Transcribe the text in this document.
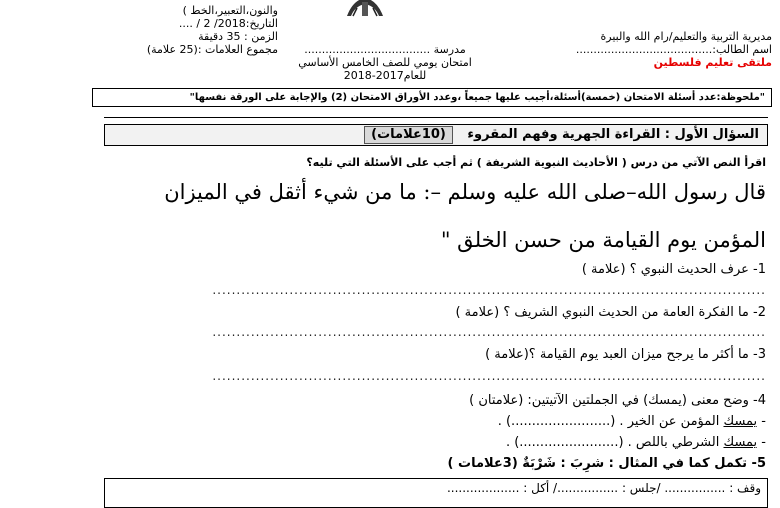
مديرية التربية والتعليم/رام الله والبيرة
اسم الطالب:.......................................
ملتقى تعليم فلسطين
مدرسة ....................................
امتحان يومي للصف الخامس الأساسي
للعام2017-2018
والنون،التعبير،الخط )
التاريخ:2018/ 2 / ....
الزمن : 35 دقيقة
مجموع العلامات :(25 علامة)
"ملحوظة:عدد أسئلة الامتحان (خمسة)أسئلة،أجيب عليها جميعاً ،وعدد الأوراق الامتحان (2) والإجابة على الورقة نفسها"
السؤال الأول : القراءة الجهرية وفهم المقروء (10علامات)
اقرأ النص الآتي من درس ( الأحاديث النبوية الشريفة ) ثم أجب على الأسئلة التي تليه؟
قال رسول الله–صلى الله عليه وسلم –: ما من شيء أثقل في الميزان
المؤمن يوم القيامة من حسن الخلق "
1- عرف الحديث النبوي ؟ (علامة )
...................................................................................................................
2- ما الفكرة العامة من الحديث النبوي الشريف ؟ (علامة )
...................................................................................................................
3- ما أكثر ما يرجح ميزان العبد يوم القيامة ؟(علامة )
...................................................................................................................
4- وضح معنى (يمسك) في الجملتين الآتيتين: (علامتان )
- يمسك المؤمن عن الخير . (........................) .
- يمسك الشرطي باللص . (........................) .
5- تكمل كما في المثال : شرِبَ : شَرْبَةٌ (3علامات )
وقف : ................ /جلس : ................/ أكل : ...................
